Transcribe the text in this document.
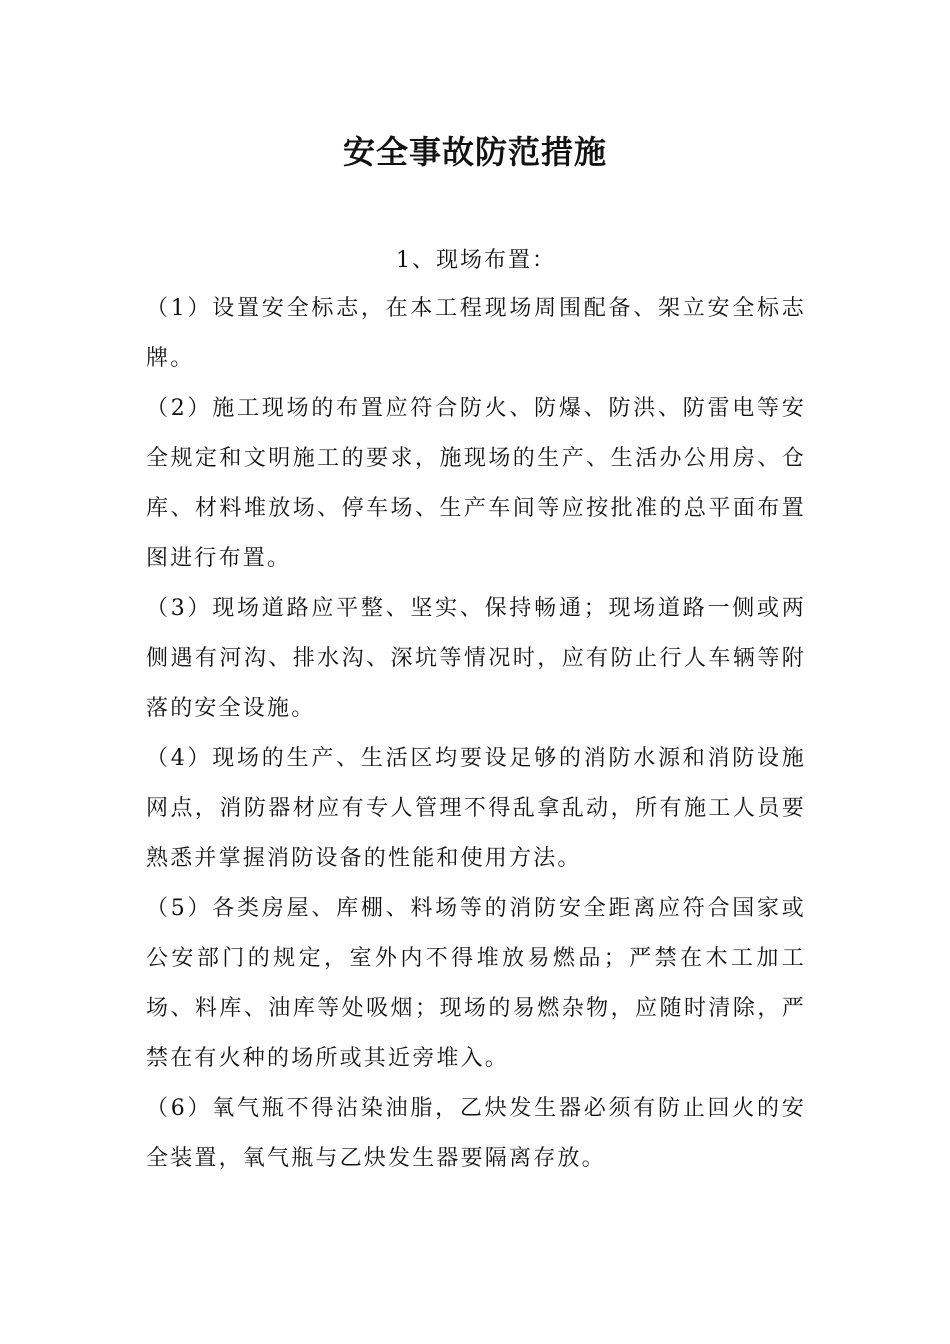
安全事故防范措施
1、现场布置：

（1）设置安全标志，在本工程现场周围配备、架立安全标志牌。

（2）施工现场的布置应符合防火、防爆、防洪、防雷电等安全规定和文明施工的要求，施现场的生产、生活办公用房、仓库、材料堆放场、停车场、生产车间等应按批准的总平面布置图进行布置。

（3）现场道路应平整、坚实、保持畅通；现场道路一侧或两侧遇有河沟、排水沟、深坑等情况时，应有防止行人车辆等附落的安全设施。

（4）现场的生产、生活区均要设足够的消防水源和消防设施网点，消防器材应有专人管理不得乱拿乱动，所有施工人员要熟悉并掌握消防设备的性能和使用方法。

（5）各类房屋、库棚、料场等的消防安全距离应符合国家或公安部门的规定，室外内不得堆放易燃品；严禁在木工加工场、料库、油库等处吸烟；现场的易燃杂物，应随时清除，严禁在有火种的场所或其近旁堆入。

（6）氧气瓶不得沾染油脂，乙炔发生器必须有防止回火的安全装置，氧气瓶与乙炔发生器要隔离存放。
